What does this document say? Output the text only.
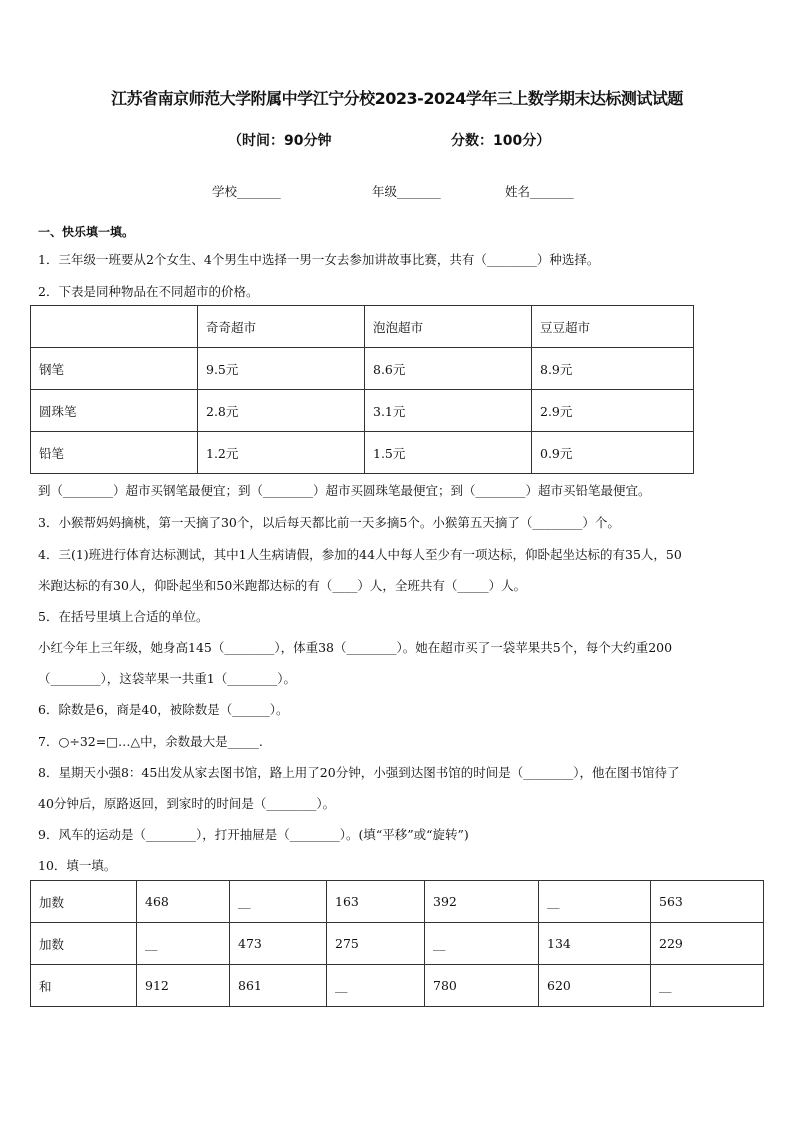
江苏省南京师范大学附属中学江宁分校2023-2024学年三上数学期末达标测试试题
（时间：90分钟	分数：100分）
学校_______	年级_______	姓名_______
一、快乐填一填。
1．三年级一班要从2个女生、4个男生中选择一男一女去参加讲故事比赛，共有（________）种选择。
2．下表是同种物品在不同超市的价格。
	奇奇超市	泡泡超市	豆豆超市
钢笔	9.5元	8.6元	8.9元
圆珠笔	2.8元	3.1元	2.9元
铅笔	1.2元	1.5元	0.9元
到（________）超市买钢笔最便宜；到（________）超市买圆珠笔最便宜；到（________）超市买铅笔最便宜。
3．小猴帮妈妈摘桃，第一天摘了30个，以后每天都比前一天多摘5个。小猴第五天摘了（________）个。
4．三(1)班进行体育达标测试，其中1人生病请假，参加的44人中每人至少有一项达标，仰卧起坐达标的有35人，50
米跑达标的有30人，仰卧起坐和50米跑都达标的有（____）人，全班共有（_____）人。
5．在括号里填上合适的单位。
小红今年上三年级，她身高145（________），体重38（________）。她在超市买了一袋苹果共5个，每个大约重200
（________），这袋苹果一共重1（________）。
6．除数是6，商是40，被除数是（______）。
7．○÷32=□…△中，余数最大是_____.
8．星期天小强8：45出发从家去图书馆，路上用了20分钟，小强到达图书馆的时间是（________），他在图书馆待了
40分钟后，原路返回，到家时的时间是（________）。
9．风车的运动是（________），打开抽屉是（________）。(填“平移”或“旋转”)
10．填一填。
加数	468	__	163	392	__	563
加数	__	473	275	__	134	229
和	912	861	__	780	620	__
